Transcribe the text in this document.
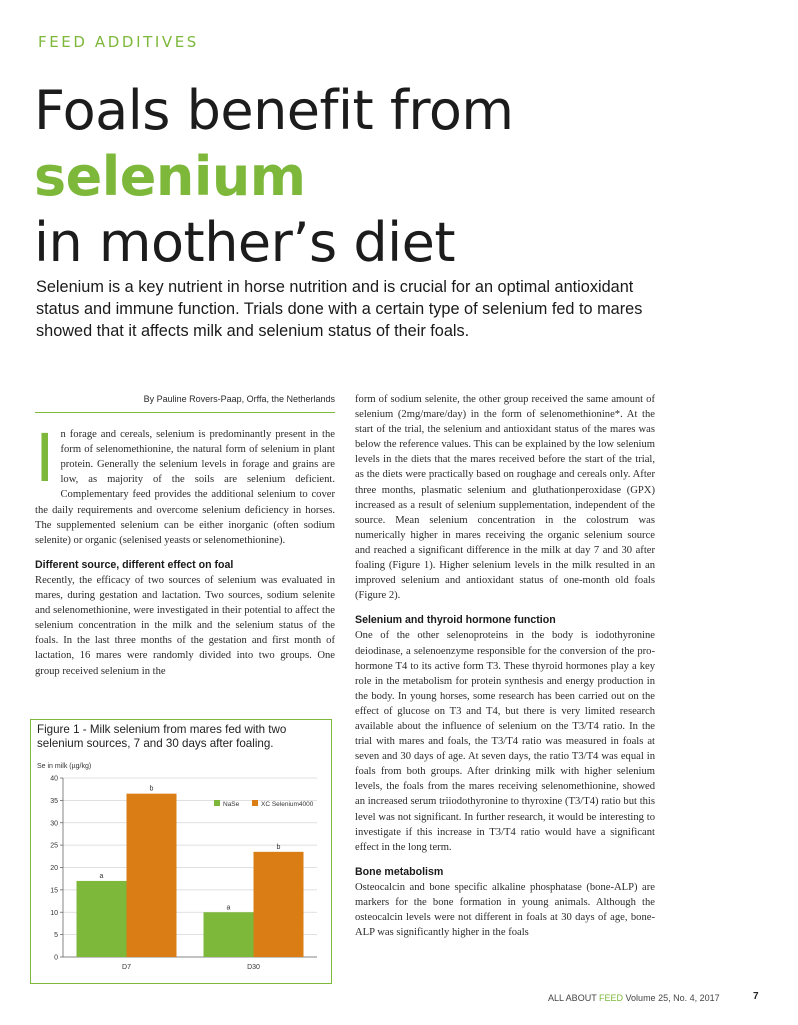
FEED ADDITIVES
Foals benefit from selenium
in mother’s diet

Selenium is a key nutrient in horse nutrition and is crucial for an optimal antioxidant status and immune function. Trials done with a certain type of selenium fed to mares showed that it affects milk and selenium status of their foals.

By Pauline Rovers-Paap, Orffa, the Netherlands

In forage and cereals, selenium is predominantly present in the form of selenomethionine, the natural form of selenium in plant protein. Generally the selenium levels in forage and grains are low, as majority of the soils are selenium deficient. Complementary feed provides the additional selenium to cover the daily requirements and overcome selenium deficiency in horses. The supplemented selenium can be either inorganic (often sodium selenite) or organic (selenised yeasts or selenomethionine).

Different source, different effect on foal

Recently, the efficacy of two sources of selenium was evaluated in mares, during gestation and lactation. Two sources, sodium selenite and selenomethionine, were investigated in their potential to affect the selenium concentration in the milk and the selenium status of the foals. In the last three months of the gestation and first month of lactation, 16 mares were randomly divided into two groups. One group received selenium in the

form of sodium selenite, the other group received the same amount of selenium (2mg/mare/day) in the form of selenomethionine*. At the start of the trial, the selenium and antioxidant status of the mares was below the reference values. This can be explained by the low selenium levels in the diets that the mares received before the start of the trial, as the diets were practically based on roughage and cereals only. After three months, plasmatic selenium and gluthationperoxidase (GPX) increased as a result of selenium supplementation, independent of the source. Mean selenium concentration in the colostrum was numerically higher in mares receiving the organic selenium source and reached a significant difference in the milk at day 7 and 30 after foaling (Figure 1). Higher selenium levels in the milk resulted in an improved selenium and antioxidant status of one-month old foals (Figure 2).

Selenium and thyroid hormone function

One of the other selenoproteins in the body is iodothyronine deiodinase, a selenoenzyme responsible for the conversion of the pro-hormone T4 to its active form T3. These thyroid hormones play a key role in the metabolism for protein synthesis and energy production in the body. In young horses, some research has been carried out on the effect of glucose on T3 and T4, but there is very limited research available about the influence of selenium on the T3/T4 ratio. In the trial with mares and foals, the T3/T4 ratio was measured in foals at seven and 30 days of age. At seven days, the ratio T3/T4 was equal in foals from both groups. After drinking milk with higher selenium levels, the foals from the mares receiving selenomethionine, showed an increased serum triiodothyronine to thyroxine (T3/T4) ratio but this level was not significant. In further research, it would be interesting to investigate if this increase in T3/T4 ratio would have a significant effect in the long term.

Bone metabolism

Osteocalcin and bone specific alkaline phosphatase (bone-ALP) are markers for the bone formation in young animals. Although the osteocalcin levels were not different in foals at 30 days of age, bone-ALP was significantly higher in the foals

Figure 1 - Milk selenium from mares fed with two selenium sources, 7 and 30 days after foaling.
Se in milk (µg/kg)
0
5
10
15
20
25
30
35
40
a
b
D7
a
b
D30
NaSe	XC Selenium4000
ALL ABOUT FEED Volume 25, No. 4, 2017	7
